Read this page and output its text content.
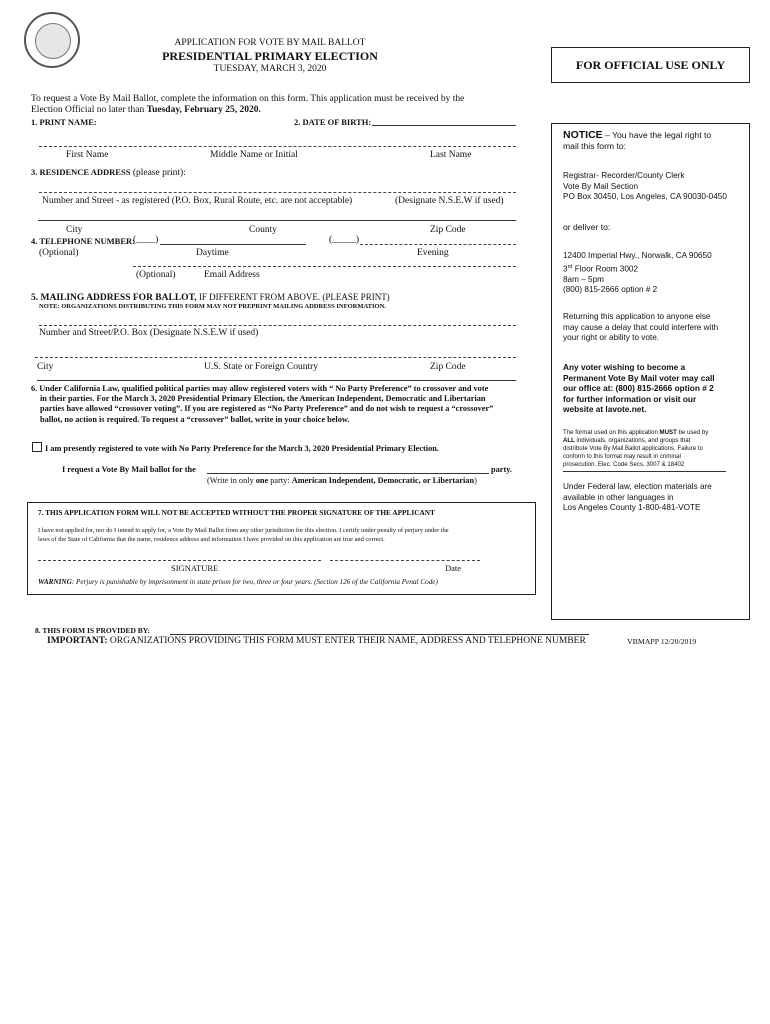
APPLICATION FOR VOTE BY MAIL BALLOT
PRESIDENTIAL PRIMARY ELECTION
TUESDAY, MARCH 3, 2020	FOR OFFICIAL USE ONLY
To request a Vote By Mail Ballot, complete the information on this form. This application must be received by the
Election Official no later than Tuesday, February 25, 2020.
1. PRINT NAME:	2. DATE OF BIRTH:
First Name	Middle Name or Initial	Last Name
3. RESIDENCE ADDRESS (please print):
Number and Street - as registered (P.O. Box, Rural Route, etc. are not acceptable)	(Designate N.S.E.W if used)
City	County	Zip Code
4. TELEPHONE NUMBER:
(____)	(_____)
(Optional)	Daytime	Evening
(Optional)	Email Address
5. MAILING ADDRESS FOR BALLOT, IF DIFFERENT FROM ABOVE. (PLEASE PRINT)
NOTE: ORGANIZATIONS DISTRIBUTING THIS FORM MAY NOT PREPRINT MAILING ADDRESS INFORMATION.
Number and Street/P.O. Box (Designate N.S.E.W if used)
City	U.S. State or Foreign Country	Zip Code
6. Under California Law, qualified political parties may allow registered voters with “ No Party Preference” to crossover and vote
in their parties. For the March 3, 2020 Presidential Primary Election, the American Independent, Democratic and Libertarian
parties have allowed “crossover voting”. If you are registered as “No Party Preference” and do not wish to request a “crossover”
ballot, no action is required. To request a “crossover” ballot, write in your choice below.
I am presently registered to vote with No Party Preference for the March 3, 2020 Presidential Primary Election.
I request a Vote By Mail ballot for the	party.
(Write in only one party: American Independent, Democratic, or Libertarian)
7. THIS APPLICATION FORM WILL NOT BE ACCEPTED WITHOUT THE PROPER SIGNATURE OF THE APPLICANT
I have not applied for, nor do I intend to apply for, a Vote By Mail Ballot from any other jurisdiction for this election. I certify under penalty of perjury under the
laws of the State of California that the name, residence address and information I have provided on this application are true and correct.
SIGNATURE	Date
WARNING: Perjury is punishable by imprisonment in state prison for two, three or four years. (Section 126 of the California Penal Code)
NOTICE – You have the legal right to
mail this form to:
Registrar- Recorder/County Clerk
Vote By Mail Section
PO Box 30450, Los Angeles, CA 90030-0450
or deliver to:
12400 Imperial Hwy., Norwalk, CA 90650
3rd Floor Room 3002
8am – 5pm
(800) 815-2666 option # 2
Returning this application to anyone else
may cause a delay that could interfere with
your right or ability to vote.
Any voter wishing to become a
Permanent Vote By Mail voter may call
our office at: (800) 815-2666 option # 2
for further information or visit our
website at lavote.net.
The format used on this application MUST be used by
ALL individuals, organizations, and groups that
distribute Vote By Mail Ballot applications. Failure to
conform to this format may result in criminal
prosecution. Elec. Code Secs. 3007 & 18402
Under Federal law, election materials are
available in other languages in
Los Angeles County 1-800-481-VOTE
8. THIS FORM IS PROVIDED BY:
IMPORTANT: ORGANIZATIONS PROVIDING THIS FORM MUST ENTER THEIR NAME, ADDRESS AND TELEPHONE NUMBER	VBMAPP 12/20/2019
